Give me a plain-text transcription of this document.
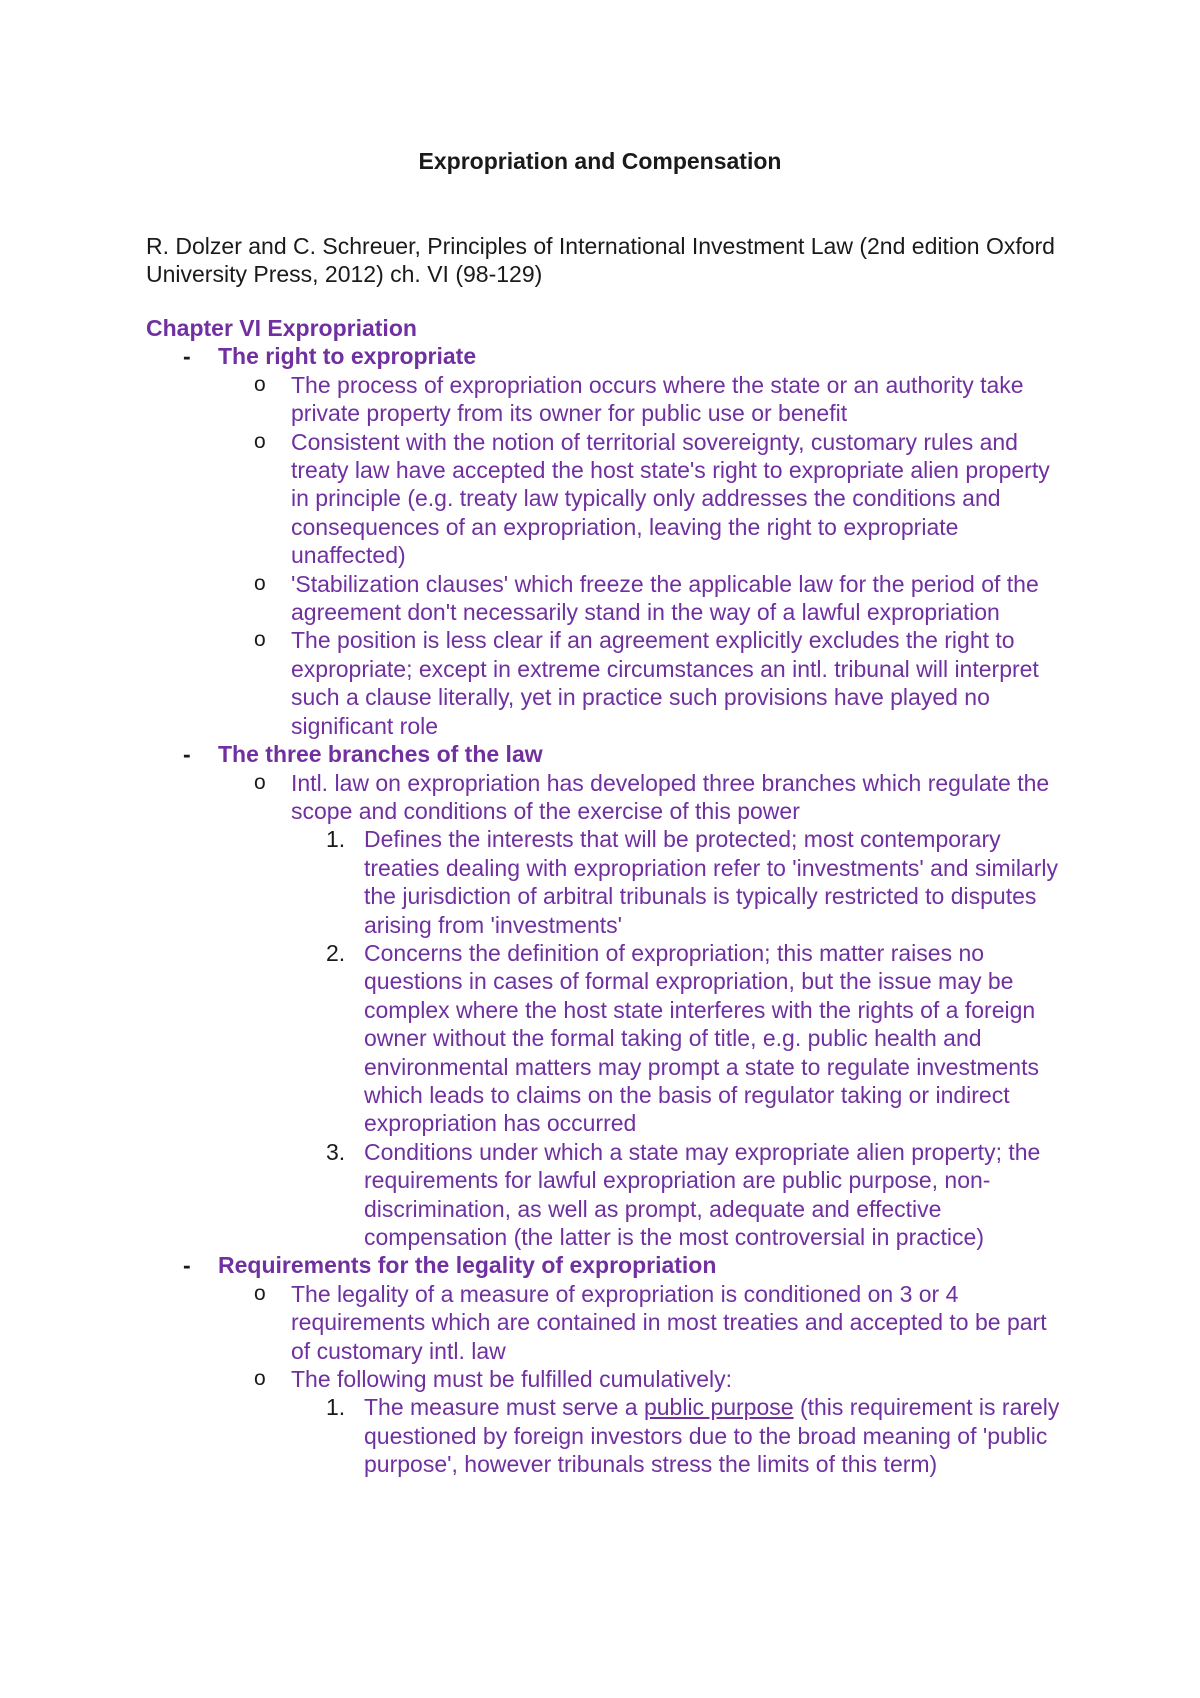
Expropriation and Compensation
R. Dolzer and C. Schreuer, Principles of International Investment Law (2nd edition Oxford University Press, 2012) ch. VI (98-129)
Chapter VI Expropriation
- The right to expropriate
o The process of expropriation occurs where the state or an authority take private property from its owner for public use or benefit
o Consistent with the notion of territorial sovereignty, customary rules and treaty law have accepted the host state's right to expropriate alien property in principle (e.g. treaty law typically only addresses the conditions and consequences of an expropriation, leaving the right to expropriate unaffected)
o 'Stabilization clauses' which freeze the applicable law for the period of the agreement don't necessarily stand in the way of a lawful expropriation
o The position is less clear if an agreement explicitly excludes the right to expropriate; except in extreme circumstances an intl. tribunal will interpret such a clause literally, yet in practice such provisions have played no significant role
- The three branches of the law
o Intl. law on expropriation has developed three branches which regulate the scope and conditions of the exercise of this power
1. Defines the interests that will be protected; most contemporary treaties dealing with expropriation refer to 'investments' and similarly the jurisdiction of arbitral tribunals is typically restricted to disputes arising from 'investments'
2. Concerns the definition of expropriation; this matter raises no questions in cases of formal expropriation, but the issue may be complex where the host state interferes with the rights of a foreign owner without the formal taking of title, e.g. public health and environmental matters may prompt a state to regulate investments which leads to claims on the basis of regulator taking or indirect expropriation has occurred
3. Conditions under which a state may expropriate alien property; the requirements for lawful expropriation are public purpose, non-discrimination, as well as prompt, adequate and effective compensation (the latter is the most controversial in practice)
- Requirements for the legality of expropriation
o The legality of a measure of expropriation is conditioned on 3 or 4 requirements which are contained in most treaties and accepted to be part of customary intl. law
o The following must be fulfilled cumulatively:
1. The measure must serve a public purpose (this requirement is rarely questioned by foreign investors due to the broad meaning of 'public purpose', however tribunals stress the limits of this term)
